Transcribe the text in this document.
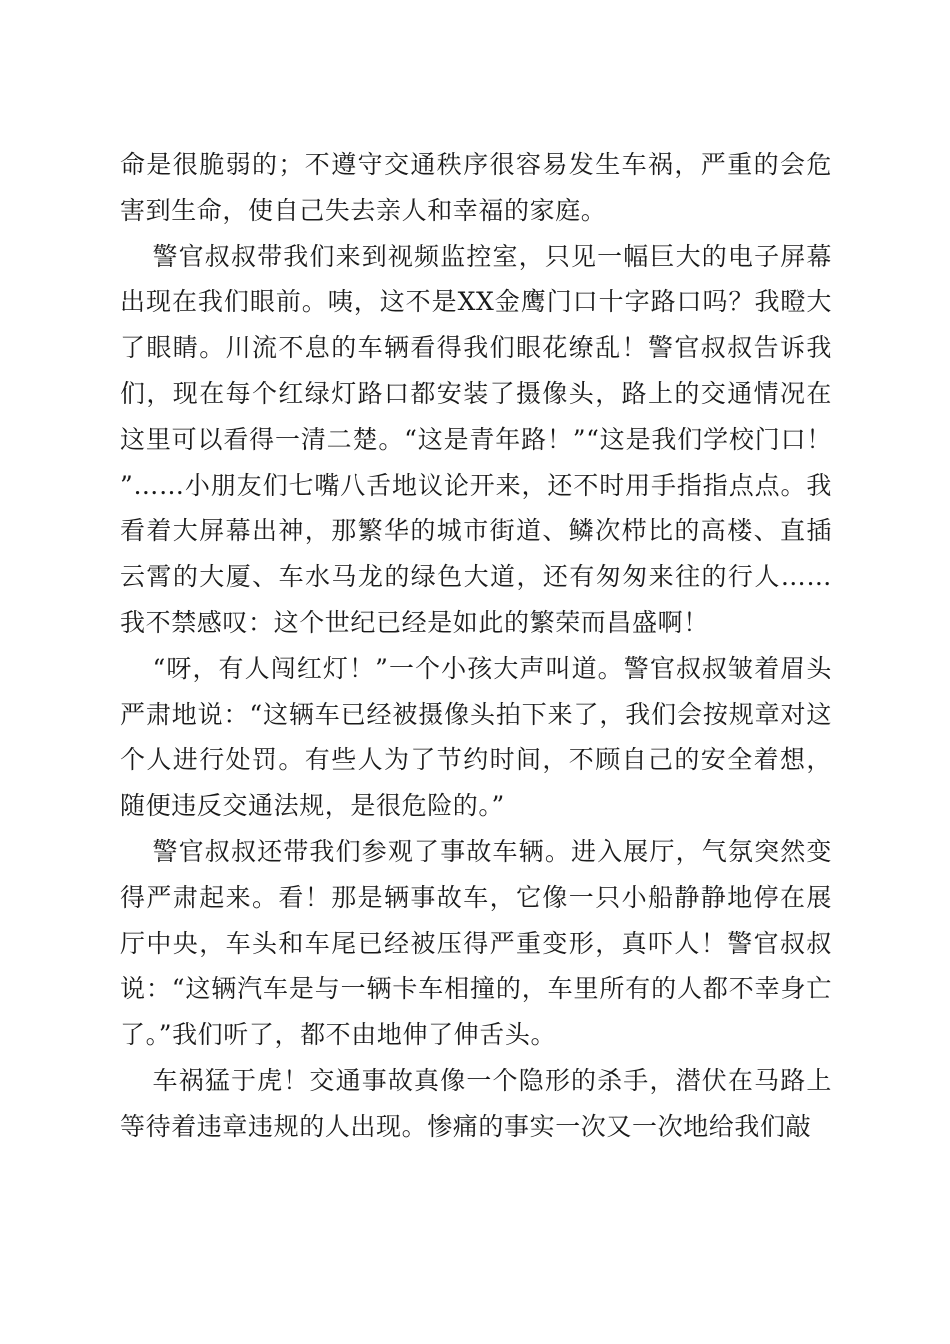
命是很脆弱的；不遵守交通秩序很容易发生车祸，严重的会危害到生命，使自己失去亲人和幸福的家庭。

警官叔叔带我们来到视频监控室，只见一幅巨大的电子屏幕出现在我们眼前。咦，这不是XX金鹰门口十字路口吗？我瞪大了眼睛。川流不息的车辆看得我们眼花缭乱！警官叔叔告诉我们，现在每个红绿灯路口都安装了摄像头，路上的交通情况在这里可以看得一清二楚。“这是青年路！”“这是我们学校门口！”……小朋友们七嘴八舌地议论开来，还不时用手指指点点。我看着大屏幕出神，那繁华的城市街道、鳞次栉比的高楼、直插云霄的大厦、车水马龙的绿色大道，还有匆匆来往的行人……我不禁感叹：这个世纪已经是如此的繁荣而昌盛啊！

“呀，有人闯红灯！”一个小孩大声叫道。警官叔叔皱着眉头严肃地说：“这辆车已经被摄像头拍下来了，我们会按规章对这个人进行处罚。有些人为了节约时间，不顾自己的安全着想，随便违反交通法规，是很危险的。”

警官叔叔还带我们参观了事故车辆。进入展厅，气氛突然变得严肃起来。看！那是辆事故车，它像一只小船静静地停在展厅中央，车头和车尾已经被压得严重变形，真吓人！警官叔叔说：“这辆汽车是与一辆卡车相撞的，车里所有的人都不幸身亡了。”我们听了，都不由地伸了伸舌头。

车祸猛于虎！交通事故真像一个隐形的杀手，潜伏在马路上等待着违章违规的人出现。惨痛的事实一次又一次地给我们敲
